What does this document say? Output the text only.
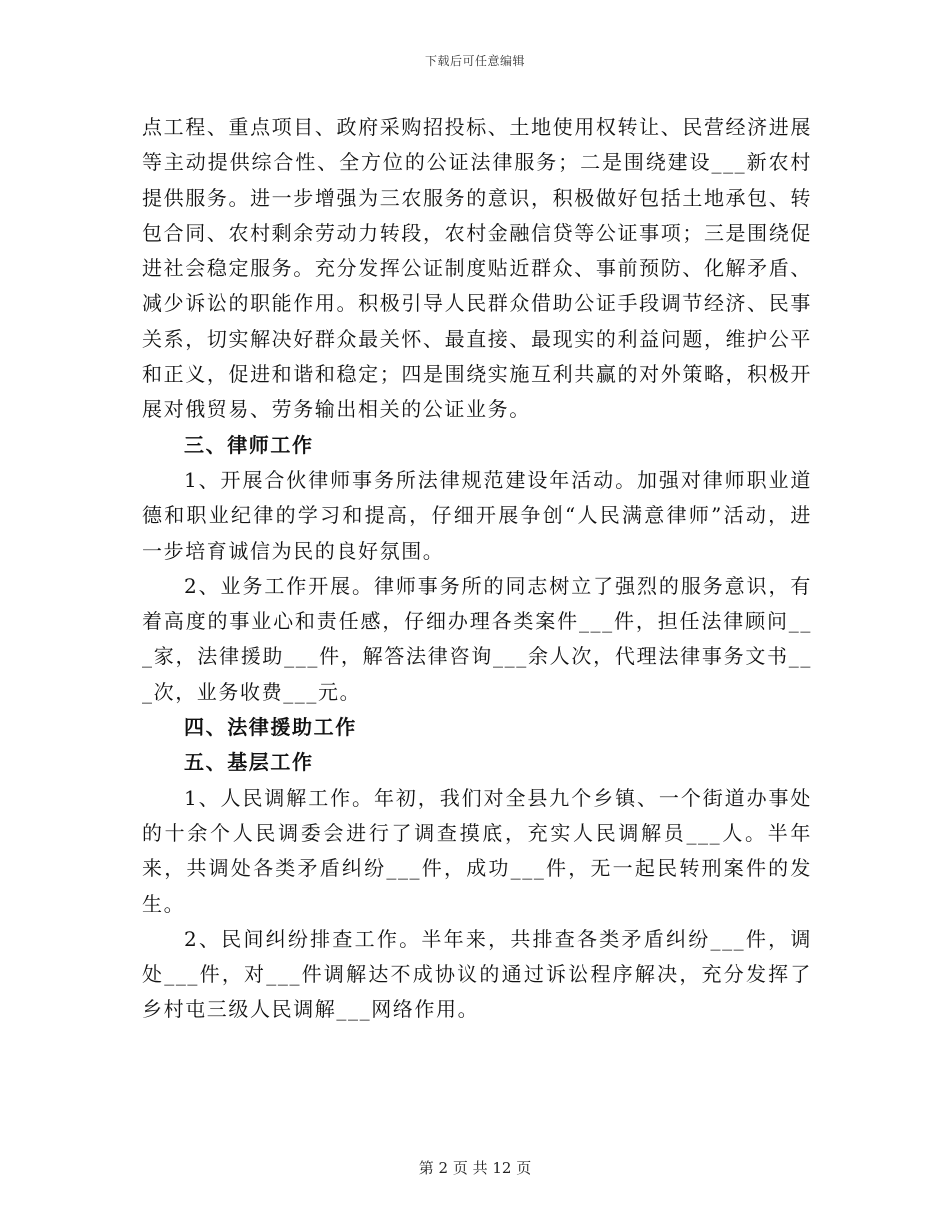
下载后可任意编辑

点工程、重点项目、政府采购招投标、土地使用权转让、民营经济进展等主动提供综合性、全方位的公证法律服务；二是围绕建设___新农村提供服务。进一步增强为三农服务的意识，积极做好包括土地承包、转包合同、农村剩余劳动力转段，农村金融信贷等公证事项；三是围绕促进社会稳定服务。充分发挥公证制度贴近群众、事前预防、化解矛盾、减少诉讼的职能作用。积极引导人民群众借助公证手段调节经济、民事关系，切实解决好群众最关怀、最直接、最现实的利益问题，维护公平和正义，促进和谐和稳定；四是围绕实施互利共赢的对外策略，积极开展对俄贸易、劳务输出相关的公证业务。

三、律师工作

1、开展合伙律师事务所法律规范建设年活动。加强对律师职业道德和职业纪律的学习和提高，仔细开展争创“人民满意律师”活动，进一步培育诚信为民的良好氛围。

2、业务工作开展。律师事务所的同志树立了强烈的服务意识，有着高度的事业心和责任感，仔细办理各类案件___件，担任法律顾问___家，法律援助___件，解答法律咨询___余人次，代理法律事务文书___次，业务收费___元。

四、法律援助工作

五、基层工作

1、人民调解工作。年初，我们对全县九个乡镇、一个街道办事处的十余个人民调委会进行了调查摸底，充实人民调解员___人。半年来，共调处各类矛盾纠纷___件，成功___件，无一起民转刑案件的发生。

2、民间纠纷排查工作。半年来，共排查各类矛盾纠纷___件，调处___件，对___件调解达不成协议的通过诉讼程序解决，充分发挥了乡村屯三级人民调解___网络作用。

第 2 页 共 12 页
